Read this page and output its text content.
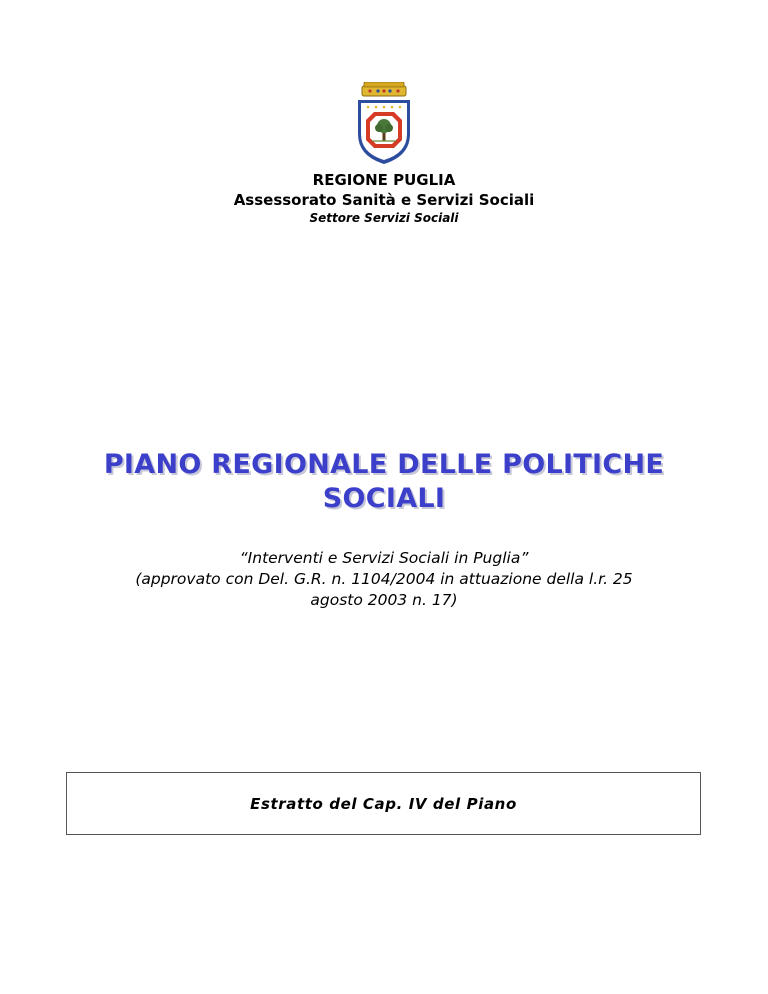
REGIONE PUGLIA
Assessorato Sanità e Servizi Sociali
Settore Servizi Sociali
PIANO REGIONALE DELLE POLITICHE
SOCIALI
“Interventi e Servizi Sociali in Puglia”
(approvato con Del. G.R. n. 1104/2004 in attuazione della l.r. 25
agosto 2003 n. 17)
Estratto del Cap. IV del Piano
